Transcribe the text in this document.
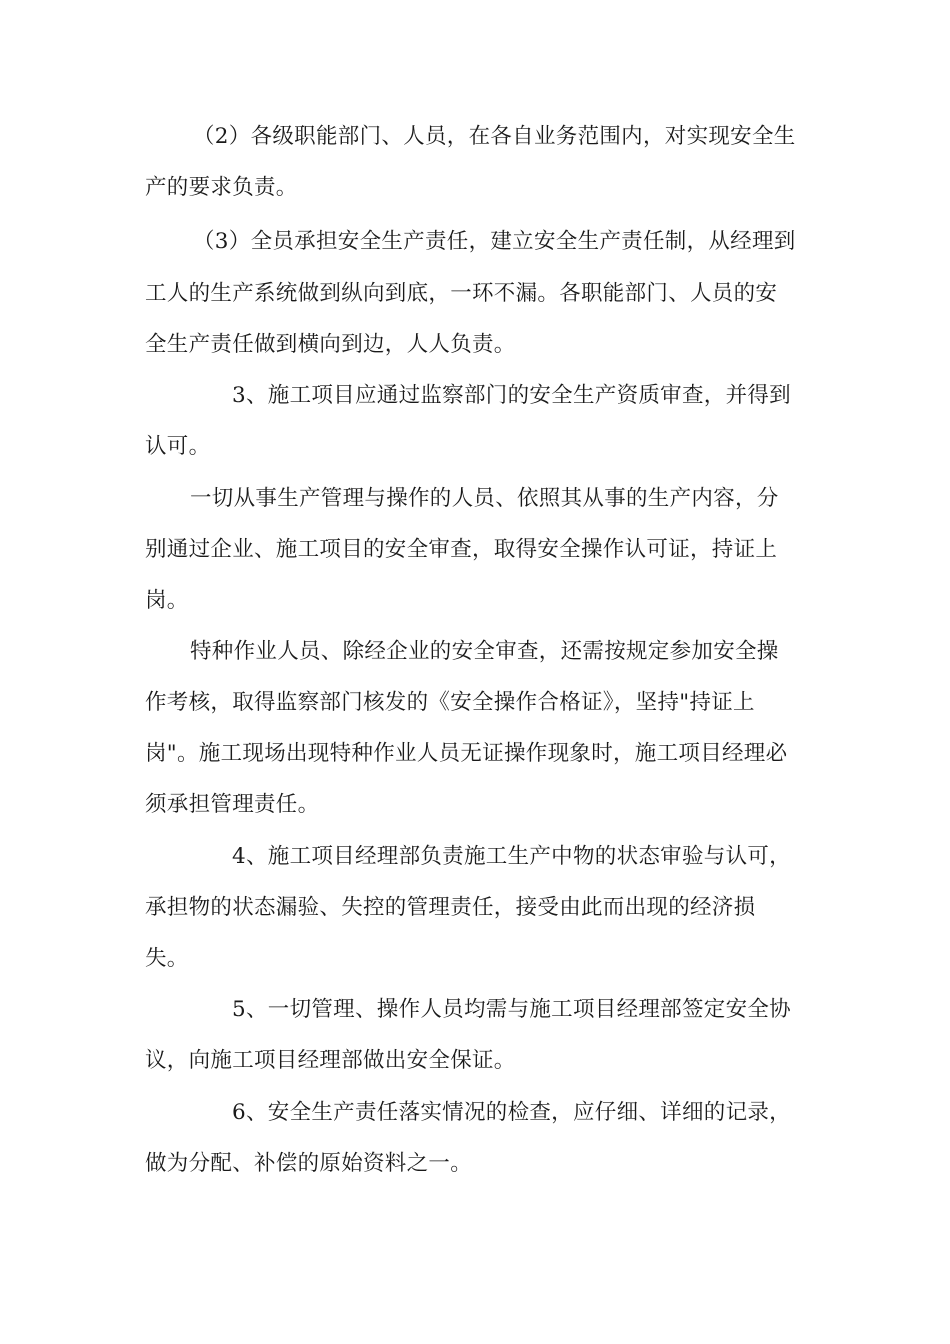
（2）各级职能部门、人员，在各自业务范围内，对实现安全生
产的要求负责。
（3）全员承担安全生产责任，建立安全生产责任制，从经理到
工人的生产系统做到纵向到底，一环不漏。各职能部门、人员的安
全生产责任做到横向到边，人人负责。
3、施工项目应通过监察部门的安全生产资质审查，并得到
认可。
一切从事生产管理与操作的人员、依照其从事的生产内容，分
别通过企业、施工项目的安全审查，取得安全操作认可证，持证上
岗。
特种作业人员、除经企业的安全审查，还需按规定参加安全操
作考核，取得监察部门核发的《安全操作合格证》，坚持"持证上
岗"。施工现场出现特种作业人员无证操作现象时，施工项目经理必
须承担管理责任。
4、施工项目经理部负责施工生产中物的状态审验与认可，
承担物的状态漏验、失控的管理责任，接受由此而出现的经济损
失。
5、一切管理、操作人员均需与施工项目经理部签定安全协
议，向施工项目经理部做出安全保证。
6、安全生产责任落实情况的检查，应仔细、详细的记录，
做为分配、补偿的原始资料之一。
